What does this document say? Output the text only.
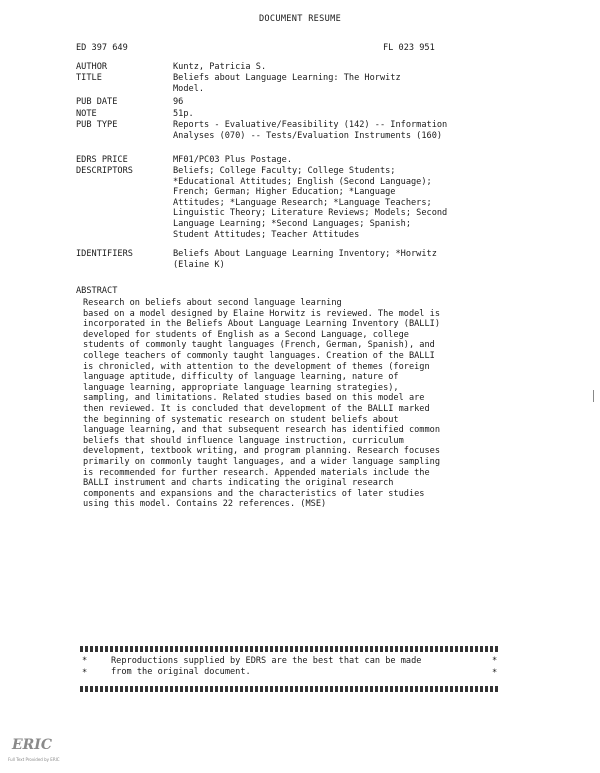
DOCUMENT RESUME
ED 397 649	FL 023 951
AUTHOR	Kuntz, Patricia S.
TITLE	Beliefs about Language Learning: The Horwitz
Model.
PUB DATE	96
NOTE	51p.
PUB TYPE	Reports - Evaluative/Feasibility (142) -- Information
Analyses (070) -- Tests/Evaluation Instruments (160)
EDRS PRICE	MF01/PC03 Plus Postage.
DESCRIPTORS	Beliefs; College Faculty; College Students;
*Educational Attitudes; English (Second Language);
French; German; Higher Education; *Language
Attitudes; *Language Research; *Language Teachers;
Linguistic Theory; Literature Reviews; Models; Second
Language Learning; *Second Languages; Spanish;
Student Attitudes; Teacher Attitudes
IDENTIFIERS	Beliefs About Language Learning Inventory; *Horwitz
(Elaine K)
ABSTRACT
Research on beliefs about second language learning
based on a model designed by Elaine Horwitz is reviewed. The model is
incorporated in the Beliefs About Language Learning Inventory (BALLI)
developed for students of English as a Second Language, college
students of commonly taught languages (French, German, Spanish), and
college teachers of commonly taught languages. Creation of the BALLI
is chronicled, with attention to the development of themes (foreign
language aptitude, difficulty of language learning, nature of
language learning, appropriate language learning strategies),
sampling, and limitations. Related studies based on this model are
then reviewed. It is concluded that development of the BALLI marked
the beginning of systematic research on student beliefs about
language learning, and that subsequent research has identified common
beliefs that should influence language instruction, curriculum
development, textbook writing, and program planning. Research focuses
primarily on commonly taught languages, and a wider language sampling
is recommended for further research. Appended materials include the
BALLI instrument and charts indicating the original research
components and expansions and the characteristics of later studies
using this model. Contains 22 references. (MSE)
*
*
*
*
Reproductions supplied by EDRS are the best that can be made
from the original document.
ERIC
Full Text Provided by ERIC
